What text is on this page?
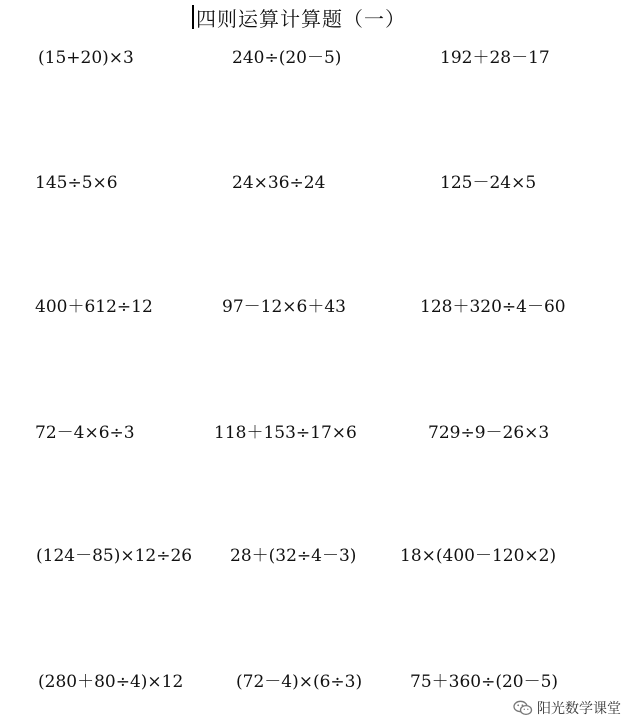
四则运算计算题（一）
(15+20)×3	240÷(20－5)	192＋28－17
145÷5×6	24×36÷24	125－24×5
400＋612÷12	97－12×6＋43	128＋320÷4－60
72－4×6÷3	118＋153÷17×6	729÷9－26×3
(124－85)×12÷26 28＋(32÷4－3)	18×(400－120×2)
(280＋80÷4)×12	(72－4)×(6÷3)	75＋360÷(20－5)
阳光数学课堂
